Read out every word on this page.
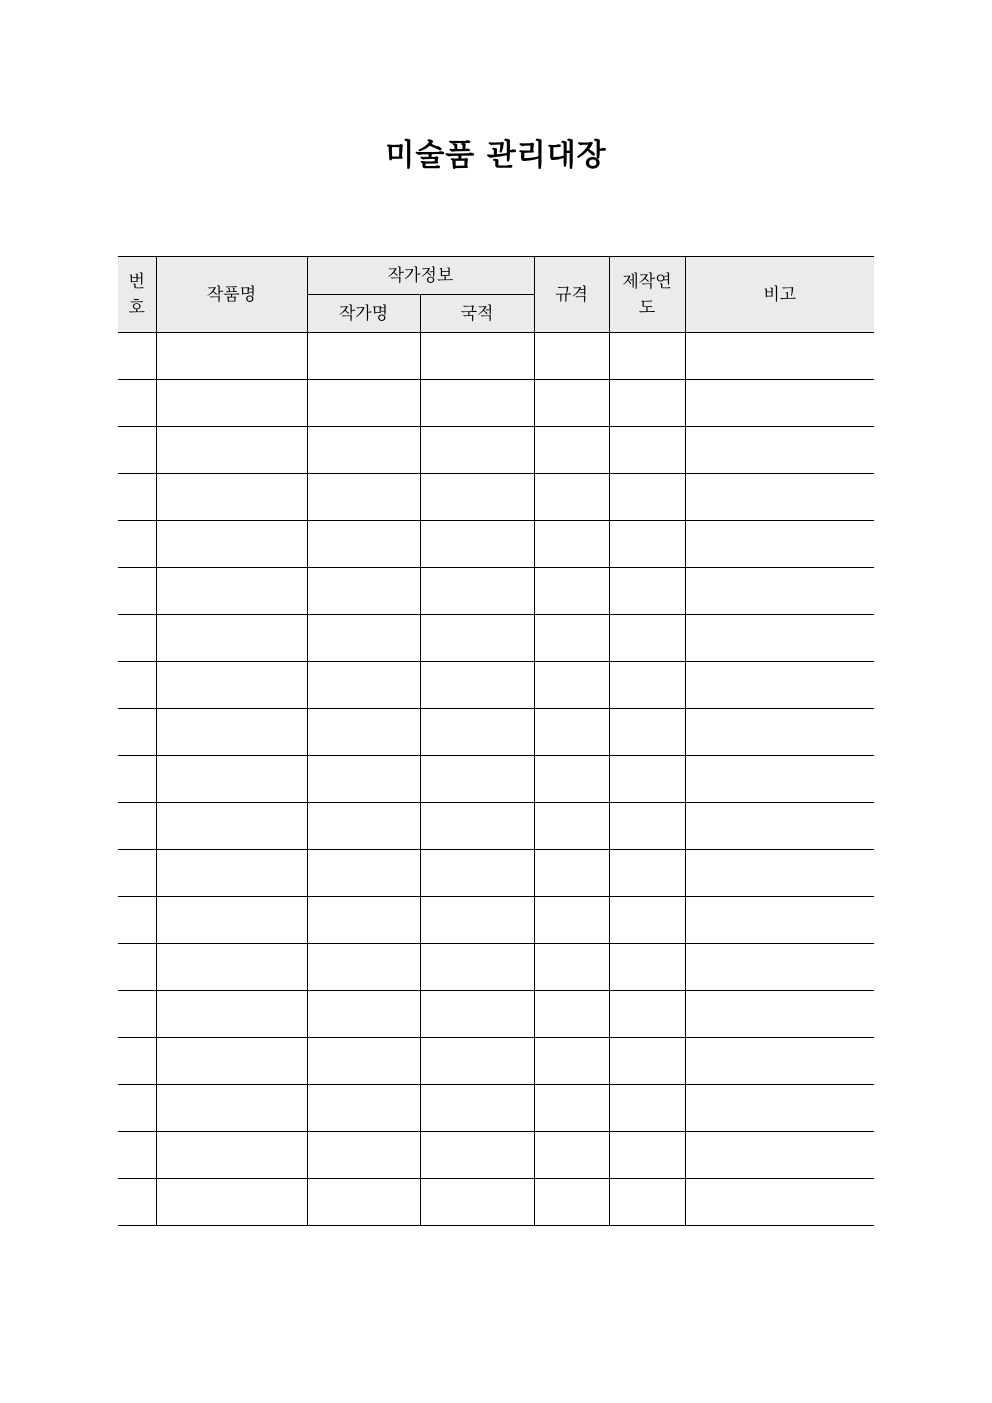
미술품 관리대장
번호	작품명	작가정보		규격	제작연도	비고
		작가명	국적			
